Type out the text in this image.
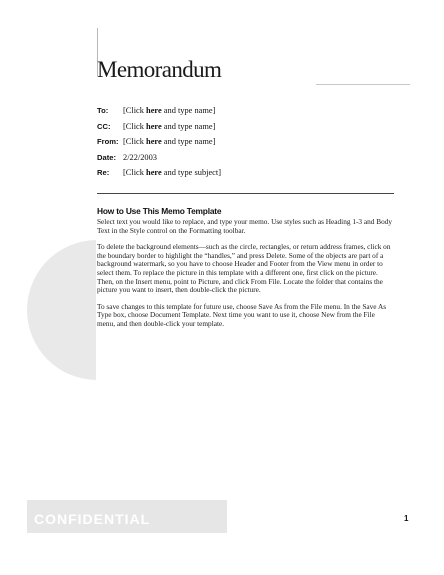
Memorandum
To:	[Click here and type name]
CC:	[Click here and type name]
From: [Click here and type name]
Date: 2/22/2003
Re:	[Click here and type subject]
How to Use This Memo Template

Select text you would like to replace, and type your memo. Use styles such as Heading 1-3 and Body Text in the Style control on the Formatting toolbar.

To delete the background elements—such as the circle, rectangles, or return address frames, click on the boundary border to highlight the “handles,” and press Delete. Some of the objects are part of a background watermark, so you have to choose Header and Footer from the View menu in order to select them. To replace the picture in this template with a different one, first click on the picture. Then, on the Insert menu, point to Picture, and click From File. Locate the folder that contains the picture you want to insert, then double-click the picture.

To save changes to this template for future use, choose Save As from the File menu. In the Save As Type box, choose Document Template. Next time you want to use it, choose New from the File menu, and then double-click your template.

CONFIDENTIAL	1
